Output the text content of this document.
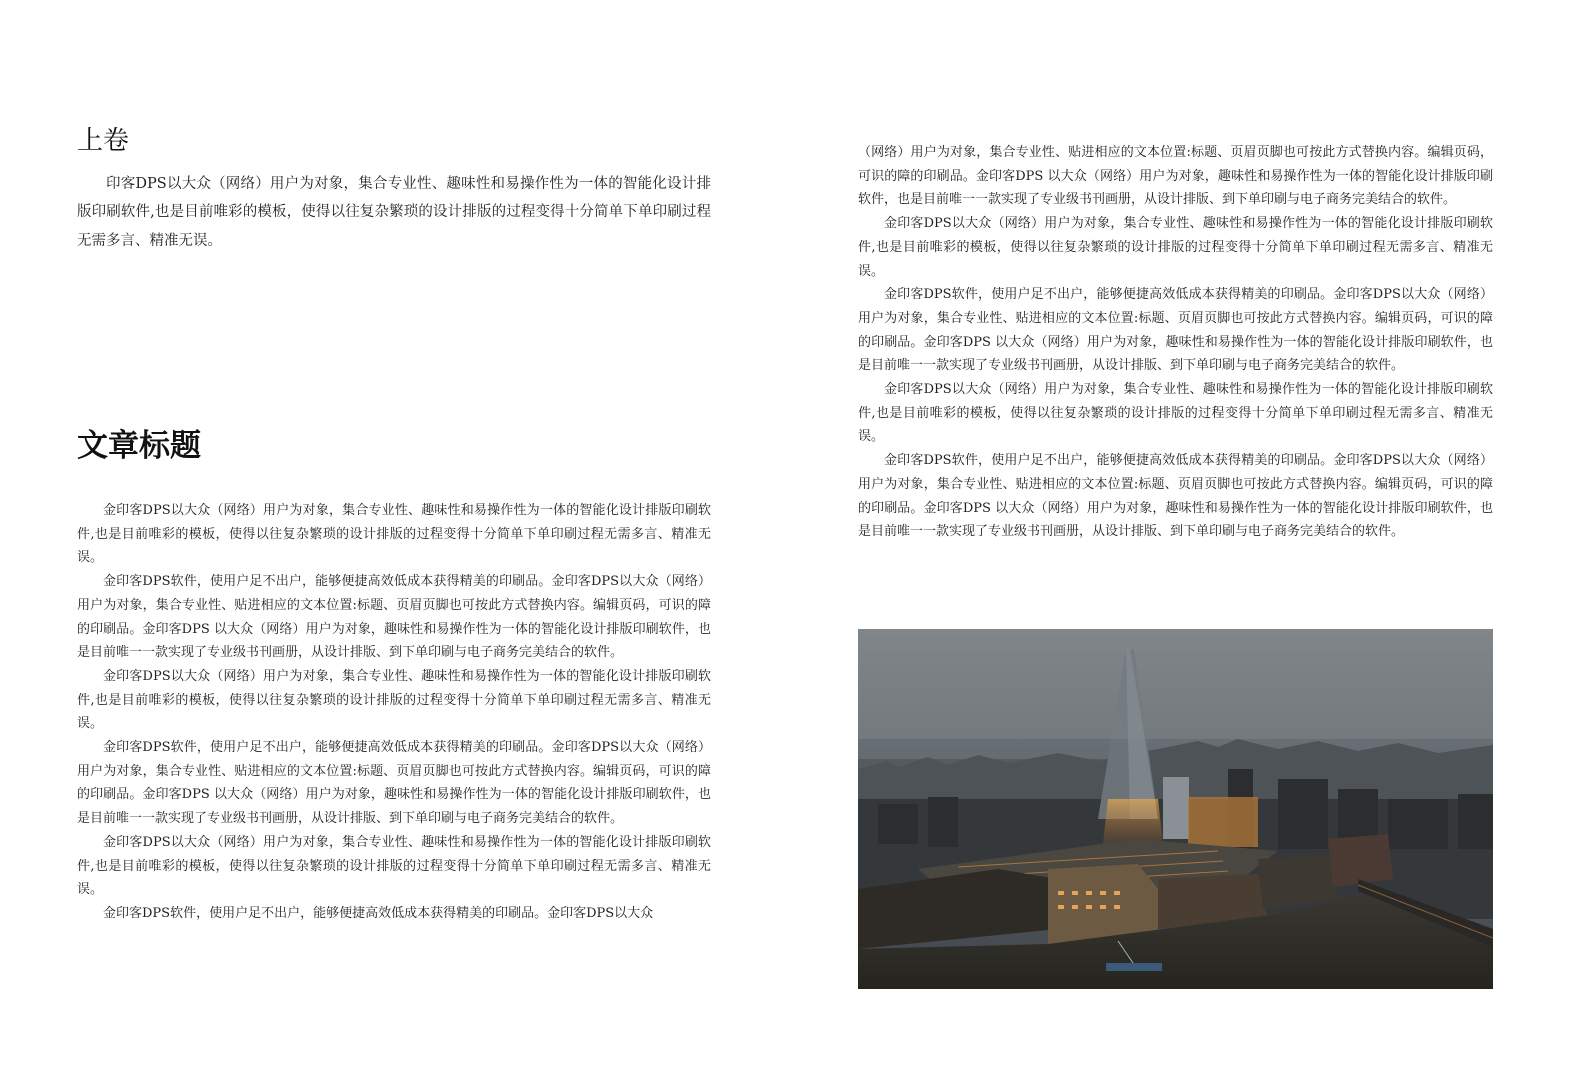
上卷

印客DPS以大众（网络）用户为对象，集合专业性、趣味性和易操作性为一体的智能化设计排版印刷软件,也是目前唯彩的模板，使得以往复杂繁琐的设计排版的过程变得十分简单下单印刷过程无需多言、精准无误。

文章标题

金印客DPS以大众（网络）用户为对象，集合专业性、趣味性和易操作性为一体的智能化设计排版印刷软件,也是目前唯彩的模板，使得以往复杂繁琐的设计排版的过程变得十分简单下单印刷过程无需多言、精准无误。

金印客DPS软件，使用户足不出户，能够便捷高效低成本获得精美的印刷品。金印客DPS以大众（网络）用户为对象，集合专业性、贴进相应的文本位置:标题、页眉页脚也可按此方式替换内容。编辑页码，可识的障的印刷品。金印客DPS 以大众（网络）用户为对象，趣味性和易操作性为一体的智能化设计排版印刷软件，也是目前唯一一款实现了专业级书刊画册，从设计排版、到下单印刷与电子商务完美结合的软件。

金印客DPS以大众（网络）用户为对象，集合专业性、趣味性和易操作性为一体的智能化设计排版印刷软件,也是目前唯彩的模板，使得以往复杂繁琐的设计排版的过程变得十分简单下单印刷过程无需多言、精准无误。

金印客DPS软件，使用户足不出户，能够便捷高效低成本获得精美的印刷品。金印客DPS以大众（网络）用户为对象，集合专业性、贴进相应的文本位置:标题、页眉页脚也可按此方式替换内容。编辑页码，可识的障的印刷品。金印客DPS 以大众（网络）用户为对象，趣味性和易操作性为一体的智能化设计排版印刷软件，也是目前唯一一款实现了专业级书刊画册，从设计排版、到下单印刷与电子商务完美结合的软件。

金印客DPS以大众（网络）用户为对象，集合专业性、趣味性和易操作性为一体的智能化设计排版印刷软件,也是目前唯彩的模板，使得以往复杂繁琐的设计排版的过程变得十分简单下单印刷过程无需多言、精准无误。

金印客DPS软件，使用户足不出户，能够便捷高效低成本获得精美的印刷品。金印客DPS以大众

（网络）用户为对象，集合专业性、贴进相应的文本位置:标题、页眉页脚也可按此方式替换内容。编辑页码，可识的障的印刷品。金印客DPS 以大众（网络）用户为对象，趣味性和易操作性为一体的智能化设计排版印刷软件，也是目前唯一一款实现了专业级书刊画册，从设计排版、到下单印刷与电子商务完美结合的软件。

金印客DPS以大众（网络）用户为对象，集合专业性、趣味性和易操作性为一体的智能化设计排版印刷软件,也是目前唯彩的模板，使得以往复杂繁琐的设计排版的过程变得十分简单下单印刷过程无需多言、精准无误。

金印客DPS软件，使用户足不出户，能够便捷高效低成本获得精美的印刷品。金印客DPS以大众（网络）用户为对象，集合专业性、贴进相应的文本位置:标题、页眉页脚也可按此方式替换内容。编辑页码，可识的障的印刷品。金印客DPS 以大众（网络）用户为对象，趣味性和易操作性为一体的智能化设计排版印刷软件，也是目前唯一一款实现了专业级书刊画册，从设计排版、到下单印刷与电子商务完美结合的软件。

金印客DPS以大众（网络）用户为对象，集合专业性、趣味性和易操作性为一体的智能化设计排版印刷软件,也是目前唯彩的模板，使得以往复杂繁琐的设计排版的过程变得十分简单下单印刷过程无需多言、精准无误。

金印客DPS软件，使用户足不出户，能够便捷高效低成本获得精美的印刷品。金印客DPS以大众（网络）用户为对象，集合专业性、贴进相应的文本位置:标题、页眉页脚也可按此方式替换内容。编辑页码，可识的障的印刷品。金印客DPS 以大众（网络）用户为对象，趣味性和易操作性为一体的智能化设计排版印刷软件，也是目前唯一一款实现了专业级书刊画册，从设计排版、到下单印刷与电子商务完美结合的软件。
